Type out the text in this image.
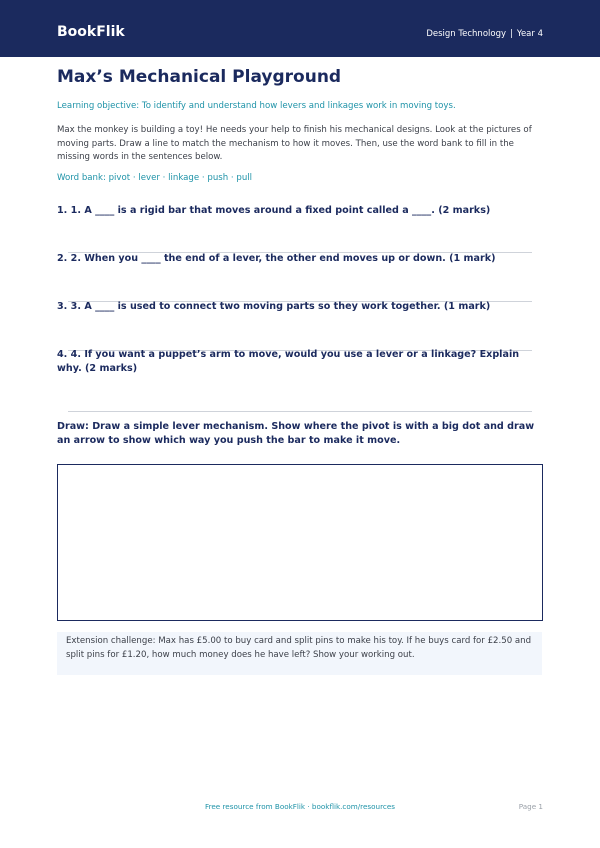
BookFlik	Design Technology | Year 4
Max’s Mechanical Playground
Learning objective: To identify and understand how levers and linkages work in moving toys.
Max the monkey is building a toy! He needs your help to finish his mechanical designs. Look at the pictures of moving parts. Draw a line to match the mechanism to how it moves. Then, use the word bank to fill in the missing words in the sentences below.
Word bank: pivot · lever · linkage · push · pull
1. 1. A ____ is a rigid bar that moves around a fixed point called a ____. (2 marks)
2. 2. When you ____ the end of a lever, the other end moves up or down. (1 mark)
3. 3. A ____ is used to connect two moving parts so they work together. (1 mark)
4. 4. If you want a puppet’s arm to move, would you use a lever or a linkage? Explain why. (2 marks)
Draw: Draw a simple lever mechanism. Show where the pivot is with a big dot and draw an arrow to show which way you push the bar to make it move.
Extension challenge: Max has £5.00 to buy card and split pins to make his toy. If he buys card for £2.50 and split pins for £1.20, how much money does he have left? Show your working out.
Free resource from BookFlik · bookflik.com/resources	Page 1
